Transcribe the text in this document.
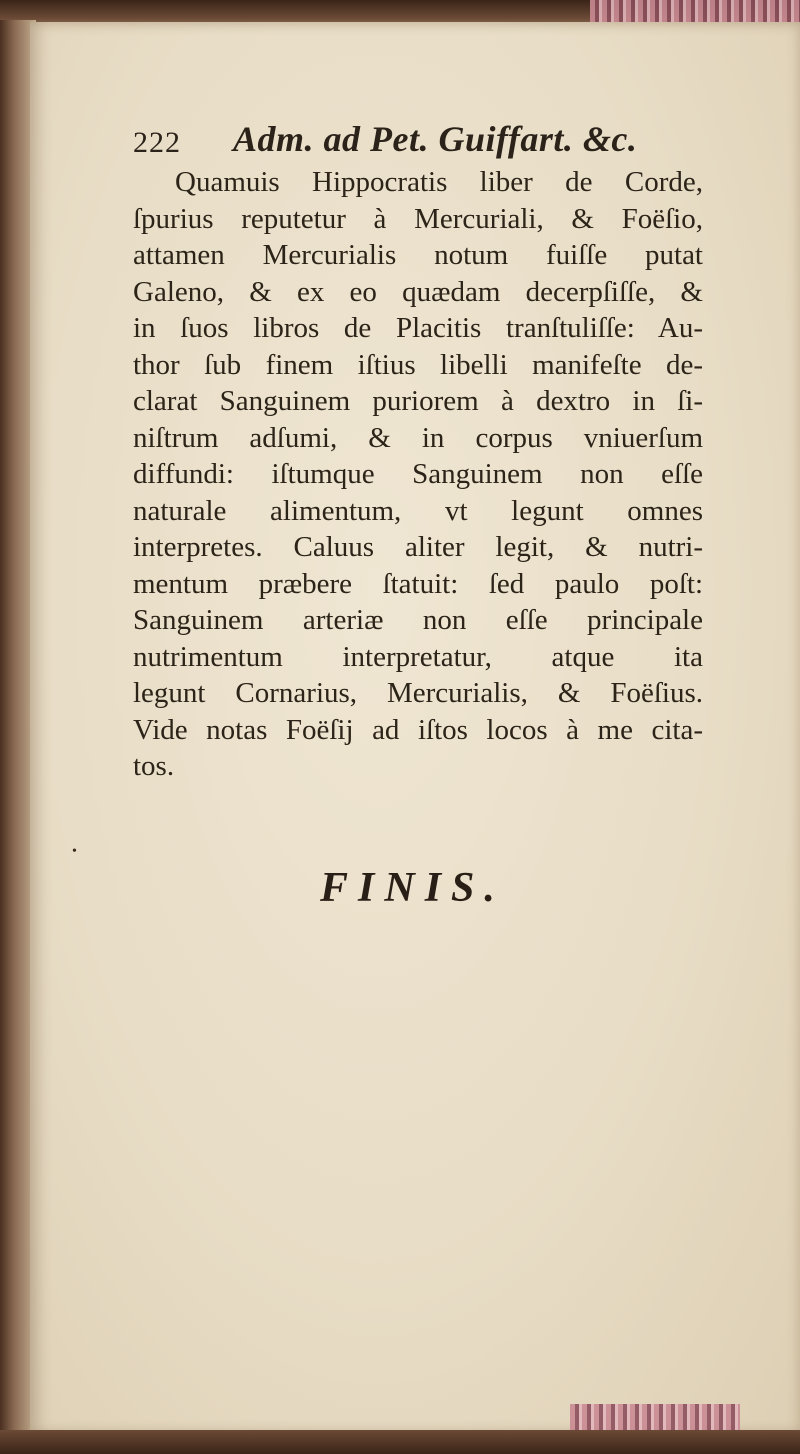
222 Adm. ad Pet. Guiffart. &c.
Quamuis Hippocratis liber de Corde,
ſpurius reputetur à Mercuriali, & Foëſio,
attamen Mercurialis notum fuiſſe putat
Galeno, & ex eo quædam decerpſiſſe, &
in ſuos libros de Placitis tranſtuliſſe: Au-
thor ſub finem iſtius libelli manifeſte de-
clarat Sanguinem puriorem à dextro in ſi-
niſtrum adſumi, & in corpus vniuerſum
diffundi: iſtumque Sanguinem non eſſe
naturale alimentum, vt legunt omnes
interpretes. Caluus aliter legit, & nutri-
mentum præbere ſtatuit: ſed paulo poſt:
Sanguinem arteriæ non eſſe principale
nutrimentum interpretatur, atque ita
legunt Cornarius, Mercurialis, & Foëſius.
Vide notas Foëſij ad iſtos locos à me cita-
tos.
•
FINIS.
